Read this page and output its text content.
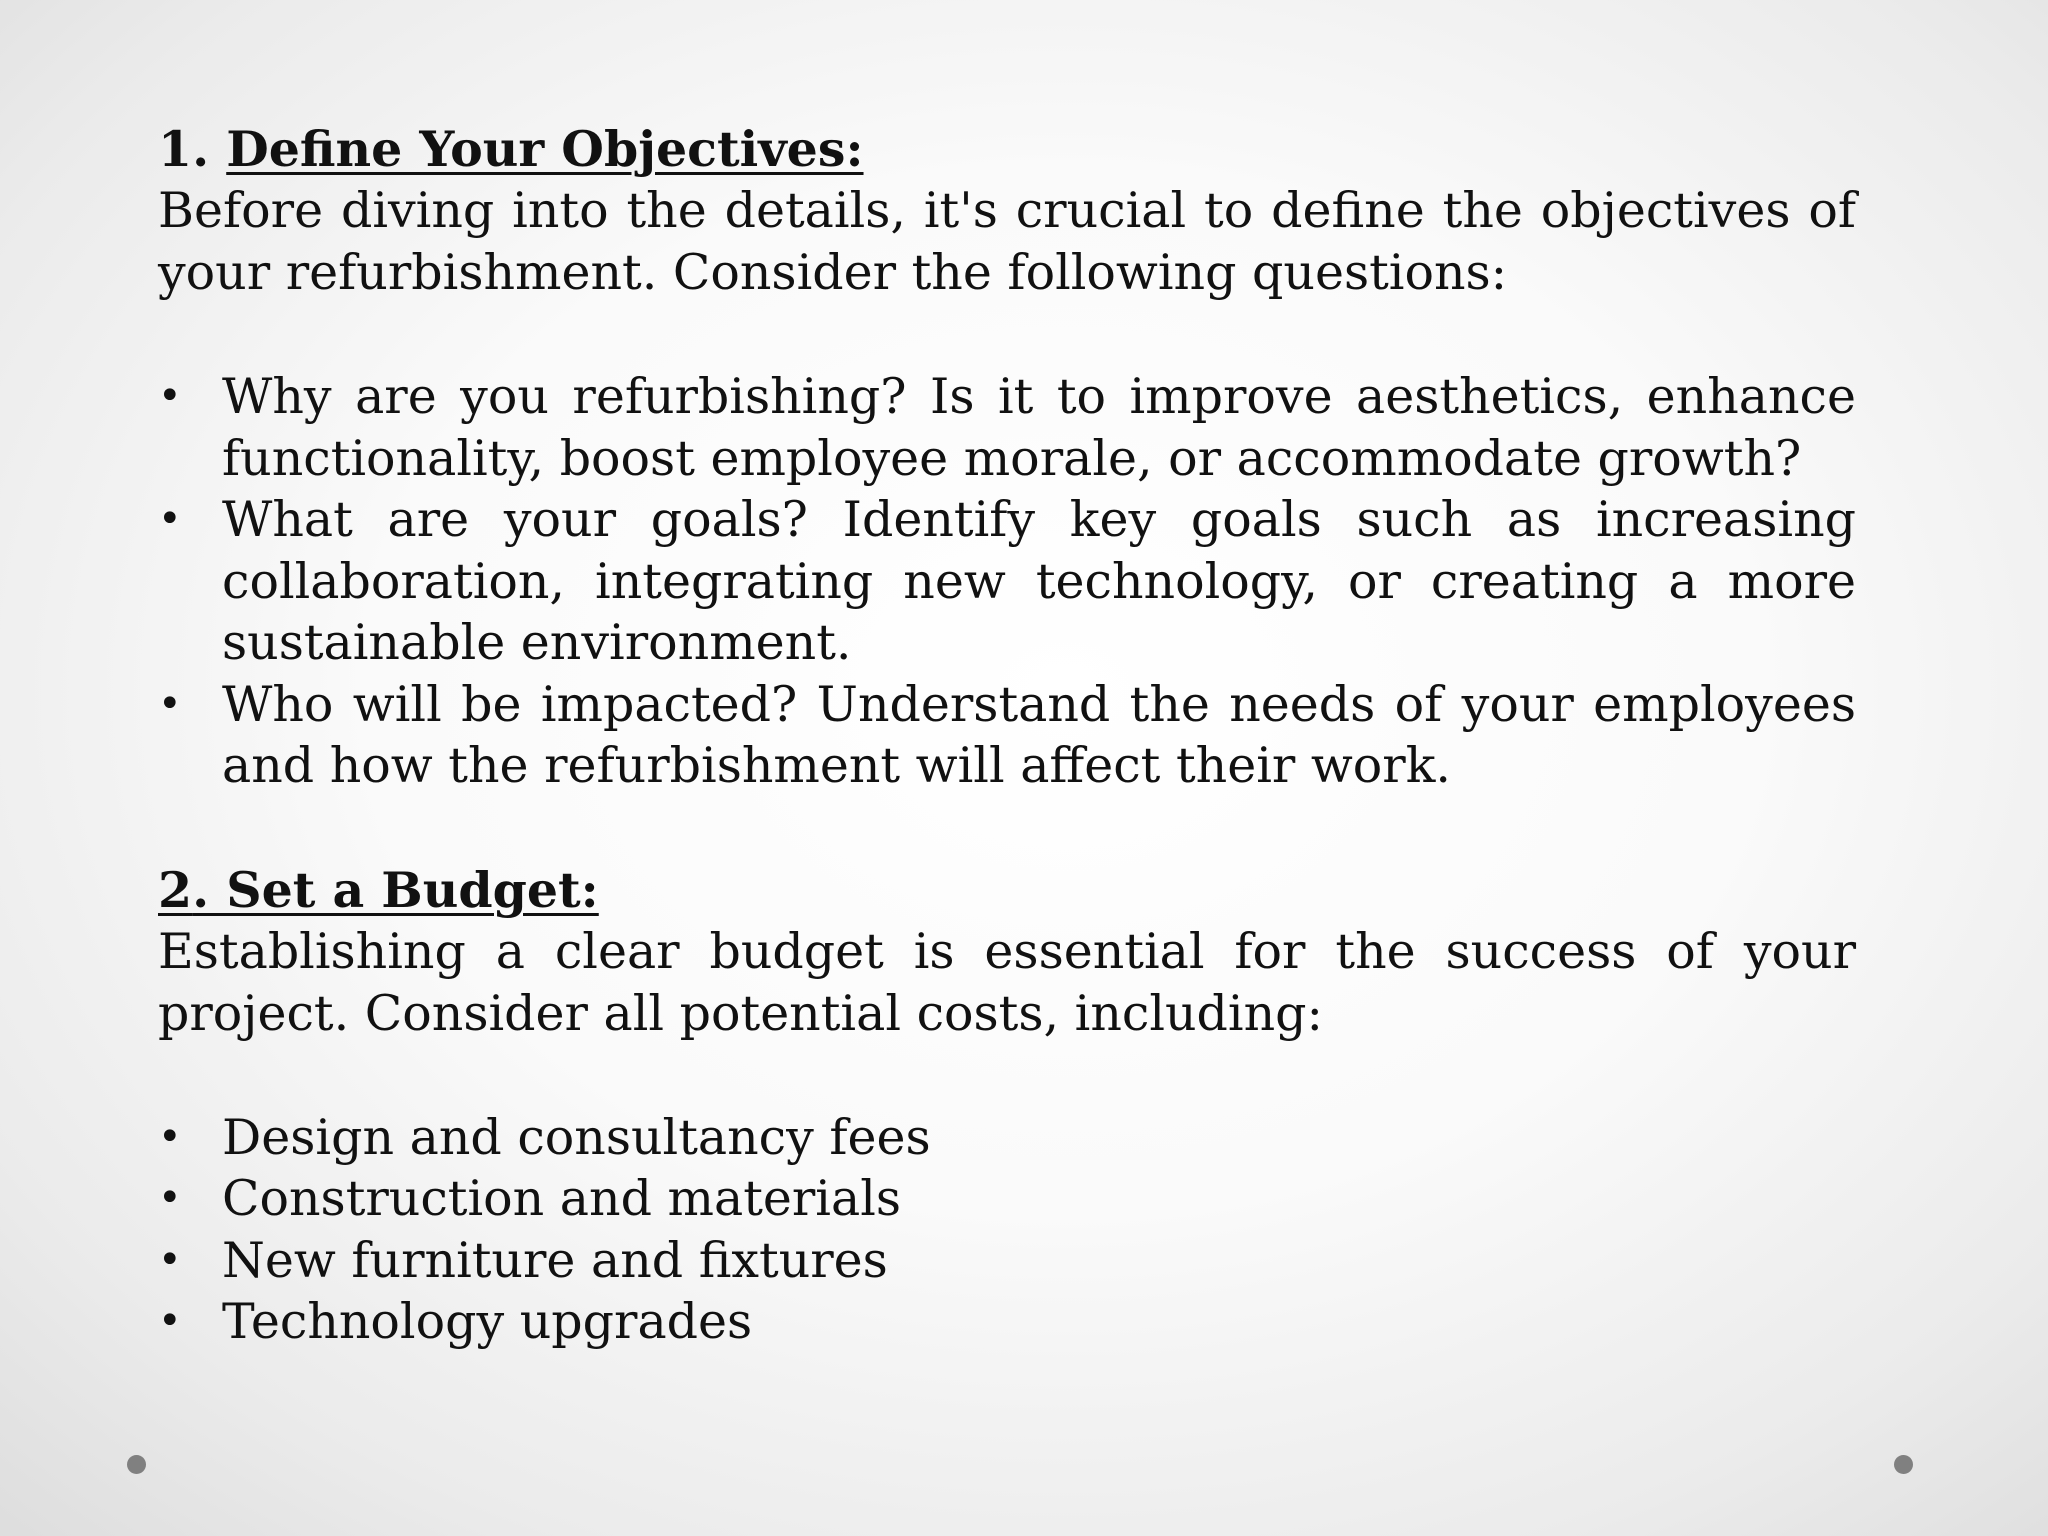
1. Define Your Objectives:

Before diving into the details, it's crucial to define the objectives of your refurbishment. Consider the following questions:

• Why are you refurbishing? Is it to improve aesthetics, enhance functionality, boost employee morale, or accommodate growth?
• What are your goals? Identify key goals such as increasing collaboration, integrating new technology, or creating a more sustainable environment.
• Who will be impacted? Understand the needs of your employees and how the refurbishment will affect their work.

2. Set a Budget:

Establishing a clear budget is essential for the success of your project. Consider all potential costs, including:

• Design and consultancy fees
• Construction and materials
• New furniture and fixtures
• Technology upgrades
